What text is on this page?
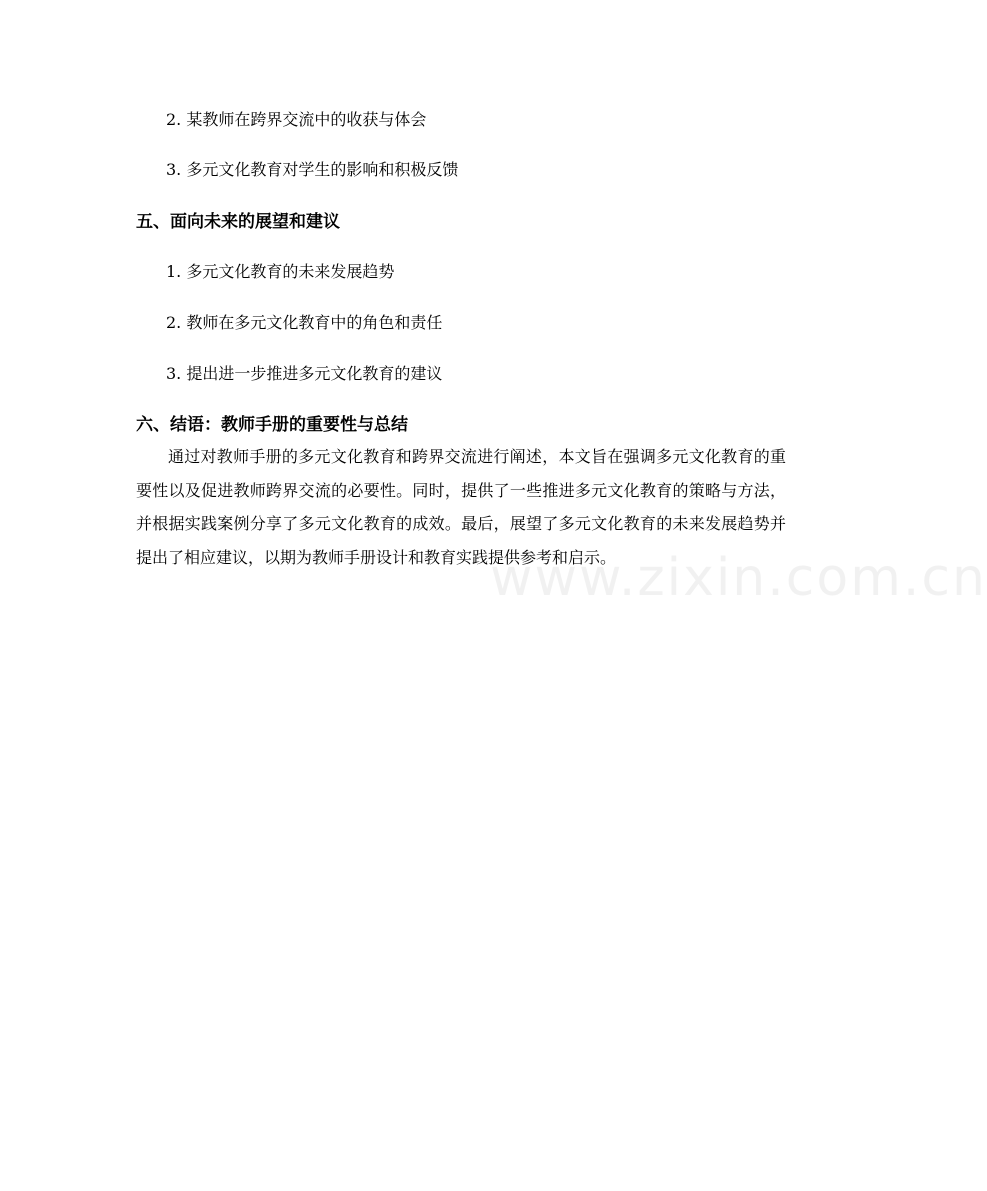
2. 某教师在跨界交流中的收获与体会
3. 多元文化教育对学生的影响和积极反馈
五、面向未来的展望和建议
1. 多元文化教育的未来发展趋势
2. 教师在多元文化教育中的角色和责任
3. 提出进一步推进多元文化教育的建议
六、结语：教师手册的重要性与总结

通过对教师手册的多元文化教育和跨界交流进行阐述，本文旨在强调多元文化教育的重要性以及促进教师跨界交流的必要性。同时，提供了一些推进多元文化教育的策略与方法，并根据实践案例分享了多元文化教育的成效。最后，展望了多元文化教育的未来发展趋势并提出了相应建议，以期为教师手册设计和教育实践提供参考和启示。

www.zixin.com.cn
